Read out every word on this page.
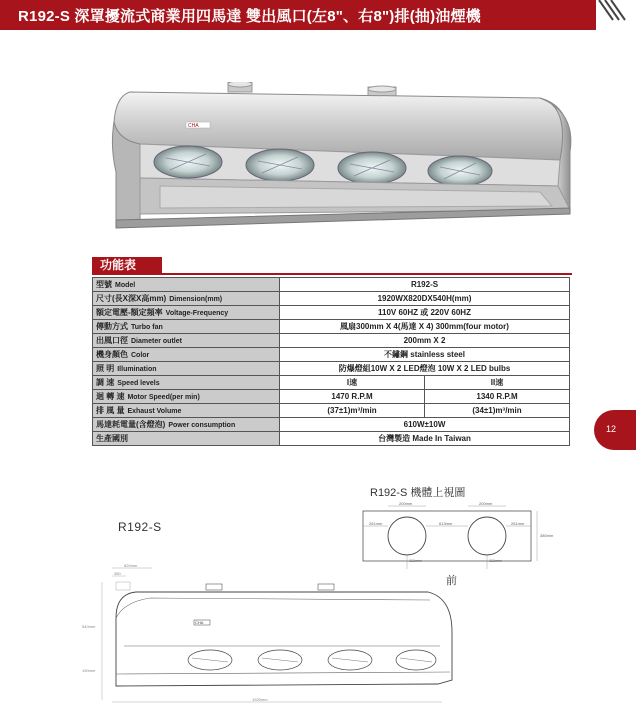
R192-S 深罩擾流式商業用四馬達 雙出風口(左8"、右8")排(抽)油煙機
CHA
功能表
型號 Model	R192-S	
尺寸(長X深X高mm) Dimension(mm)	1920WX820DX540H(mm)	
額定電壓-額定頻率 Voltage-Frequency	110V 60HZ 或 220V 60HZ	
傳動方式 Turbo fan	風扇300mm X 4(馬達 X 4) 300mm(four motor)	
出風口徑 Diameter outlet	200mm X 2	
機身顏色 Color	不鏽鋼 stainless steel	
照 明 Illumination	防爆燈組10W X 2 LED燈泡 10W X 2 LED bulbs	
調 速 Speed levels	I速	II速
迴 轉 速 Motor Speed(per min)	1470 R.P.M	1340 R.P.M
排 風 量 Exhaust Volume	(37±1)m³/min	(34±1)m³/min
馬達耗電量(含燈泡) Power consumption	610W±10W	
生產國別	台灣製造 Made In Taiwan	
12
R192-S 機體上視圖
R192-S
200mm	200mm
261mm	613mm	261mm
380mm
111mm	111mm
前
820mm
380
540mm
190mm
1920mm
CHA
